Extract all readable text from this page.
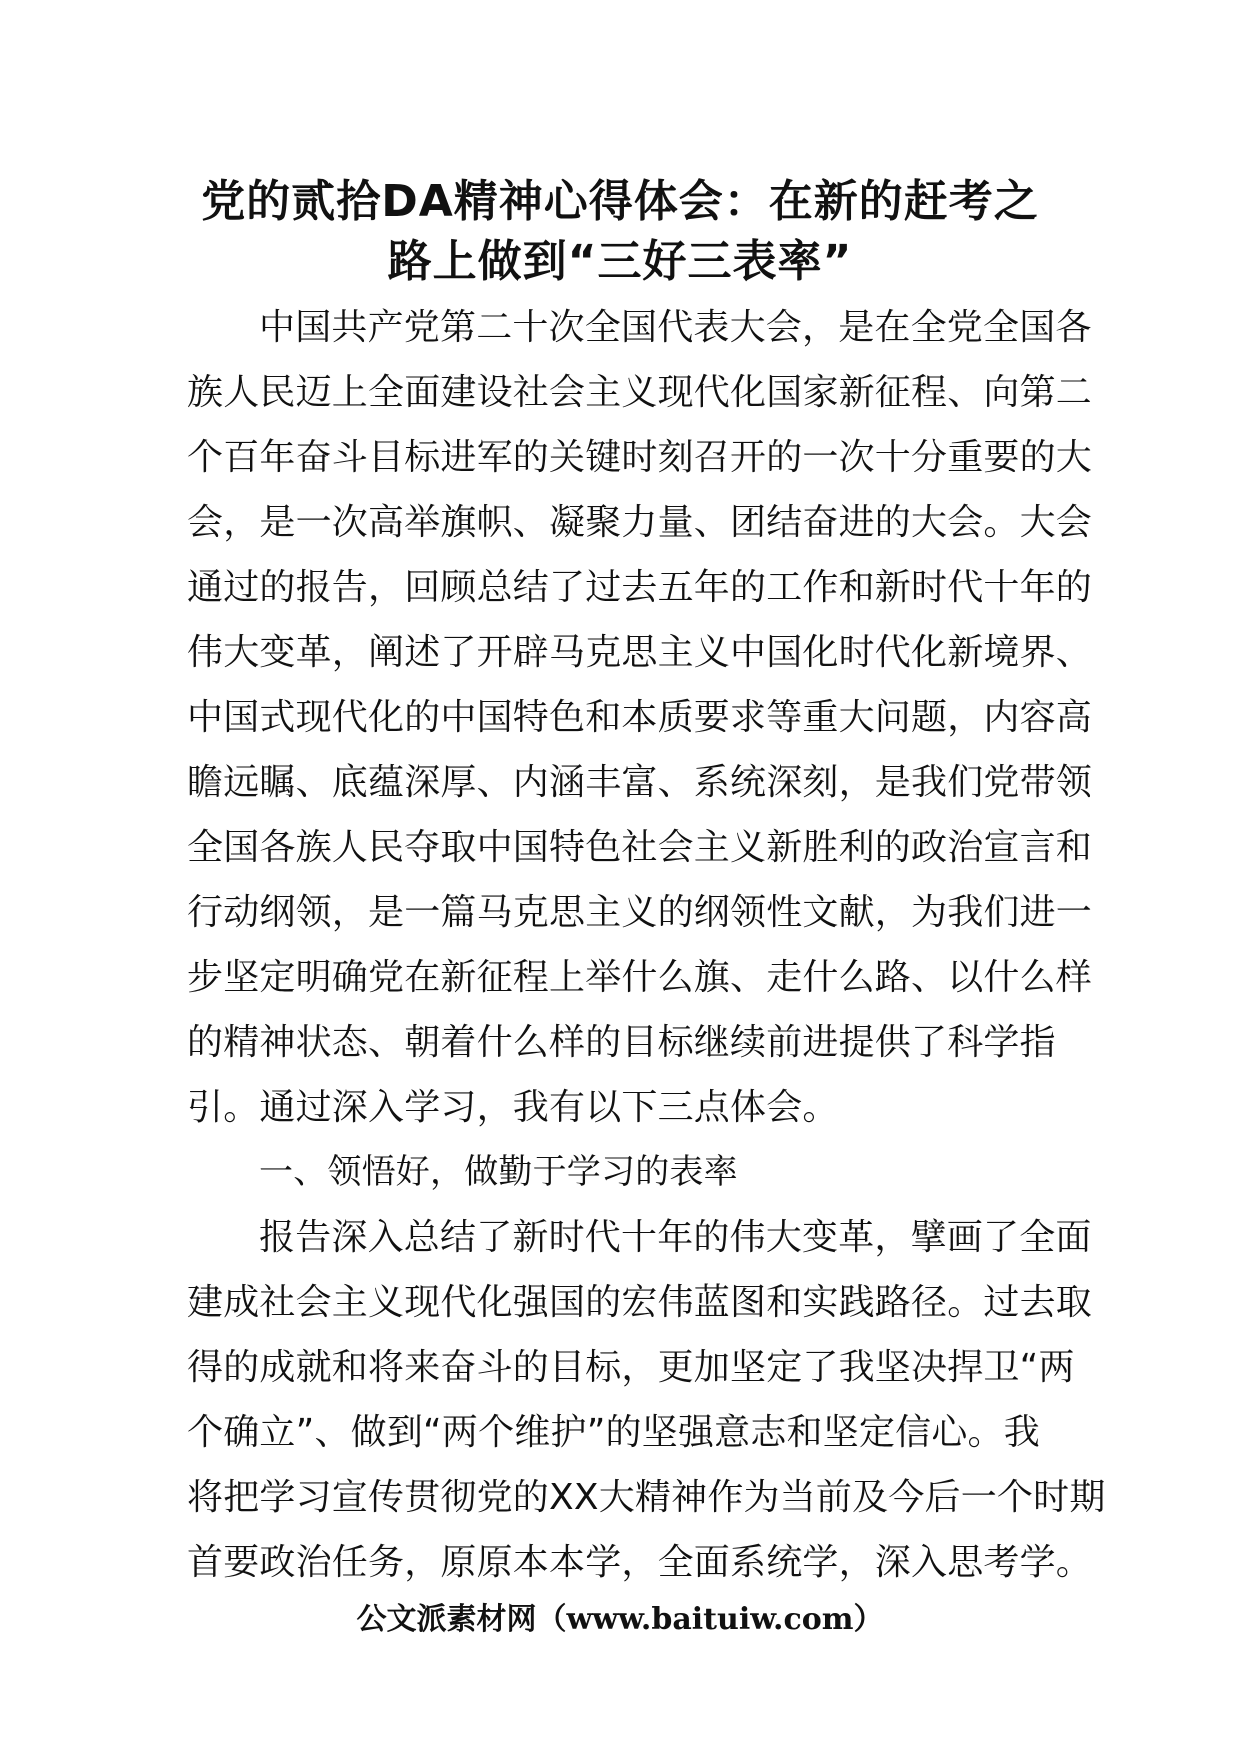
党的贰拾DA精神心得体会：在新的赶考之
路上做到“三好三表率”
中国共产党第二十次全国代表大会，是在全党全国各
族人民迈上全面建设社会主义现代化国家新征程、向第二
个百年奋斗目标进军的关键时刻召开的一次十分重要的大
会，是一次高举旗帜、凝聚力量、团结奋进的大会。大会
通过的报告，回顾总结了过去五年的工作和新时代十年的
伟大变革，阐述了开辟马克思主义中国化时代化新境界、
中国式现代化的中国特色和本质要求等重大问题，内容高
瞻远瞩、底蕴深厚、内涵丰富、系统深刻，是我们党带领
全国各族人民夺取中国特色社会主义新胜利的政治宣言和
行动纲领，是一篇马克思主义的纲领性文献，为我们进一
步坚定明确党在新征程上举什么旗、走什么路、以什么样
的精神状态、朝着什么样的目标继续前进提供了科学指
引。通过深入学习，我有以下三点体会。
一、领悟好，做勤于学习的表率
报告深入总结了新时代十年的伟大变革，擘画了全面
建成社会主义现代化强国的宏伟蓝图和实践路径。过去取
得的成就和将来奋斗的目标，更加坚定了我坚决捍卫“两
个确立”、做到“两个维护”的坚强意志和坚定信心。我
将把学习宣传贯彻党的XX大精神作为当前及今后一个时期
首要政治任务，原原本本学，全面系统学，深入思考学。
公文派素材网（www.baituiw.com）
